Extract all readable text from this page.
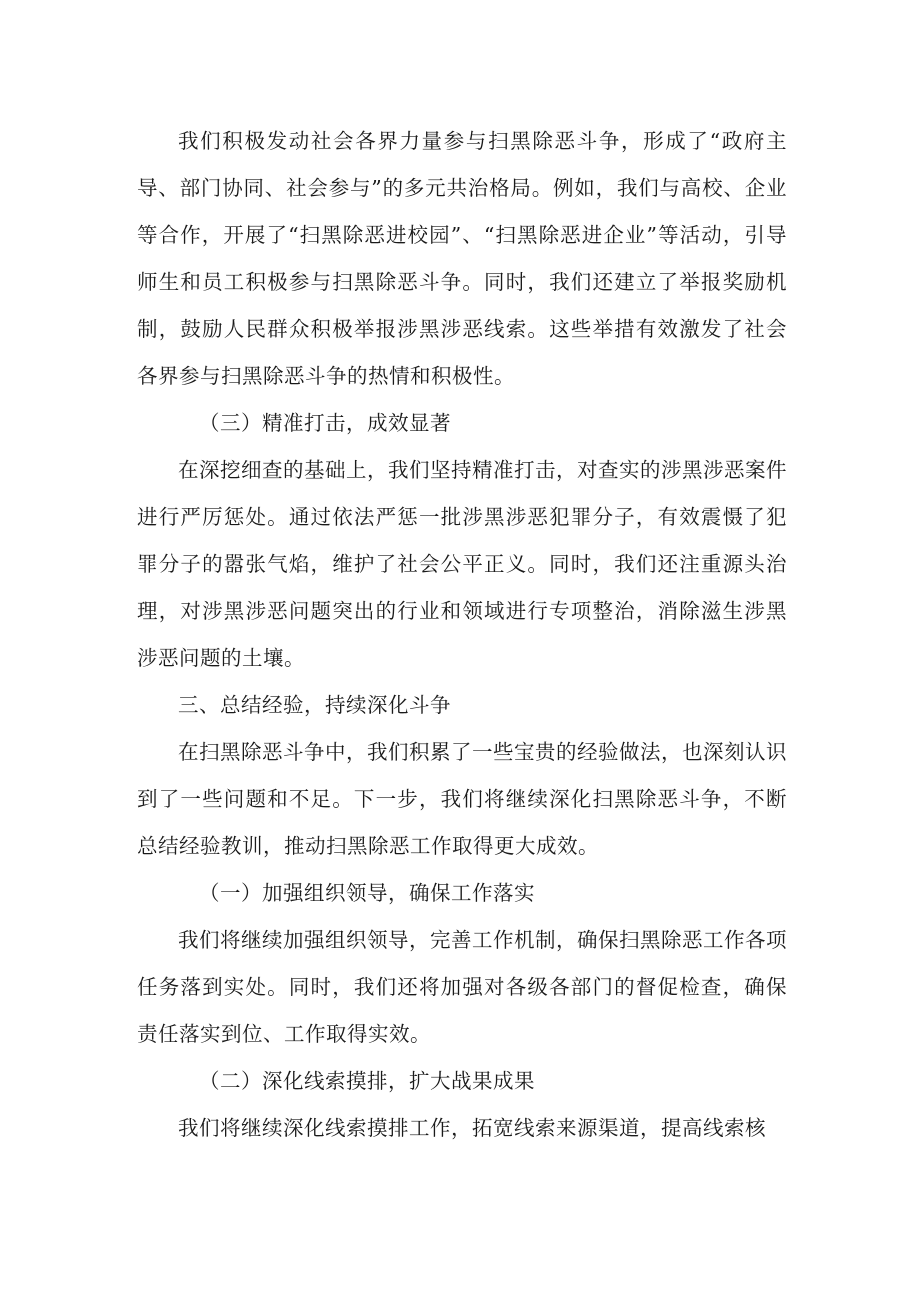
我们积极发动社会各界力量参与扫黑除恶斗争，形成了“政府主导、部门协同、社会参与”的多元共治格局。例如，我们与高校、企业等合作，开展了“扫黑除恶进校园”、“扫黑除恶进企业”等活动，引导师生和员工积极参与扫黑除恶斗争。同时，我们还建立了举报奖励机制，鼓励人民群众积极举报涉黑涉恶线索。这些举措有效激发了社会各界参与扫黑除恶斗争的热情和积极性。

（三）精准打击，成效显著

在深挖细查的基础上，我们坚持精准打击，对查实的涉黑涉恶案件进行严厉惩处。通过依法严惩一批涉黑涉恶犯罪分子，有效震慑了犯罪分子的嚣张气焰，维护了社会公平正义。同时，我们还注重源头治理，对涉黑涉恶问题突出的行业和领域进行专项整治，消除滋生涉黑涉恶问题的土壤。

三、总结经验，持续深化斗争

在扫黑除恶斗争中，我们积累了一些宝贵的经验做法，也深刻认识到了一些问题和不足。下一步，我们将继续深化扫黑除恶斗争，不断总结经验教训，推动扫黑除恶工作取得更大成效。

（一）加强组织领导，确保工作落实

我们将继续加强组织领导，完善工作机制，确保扫黑除恶工作各项任务落到实处。同时，我们还将加强对各级各部门的督促检查，确保责任落实到位、工作取得实效。

（二）深化线索摸排，扩大战果成果

我们将继续深化线索摸排工作，拓宽线索来源渠道，提高线索核
